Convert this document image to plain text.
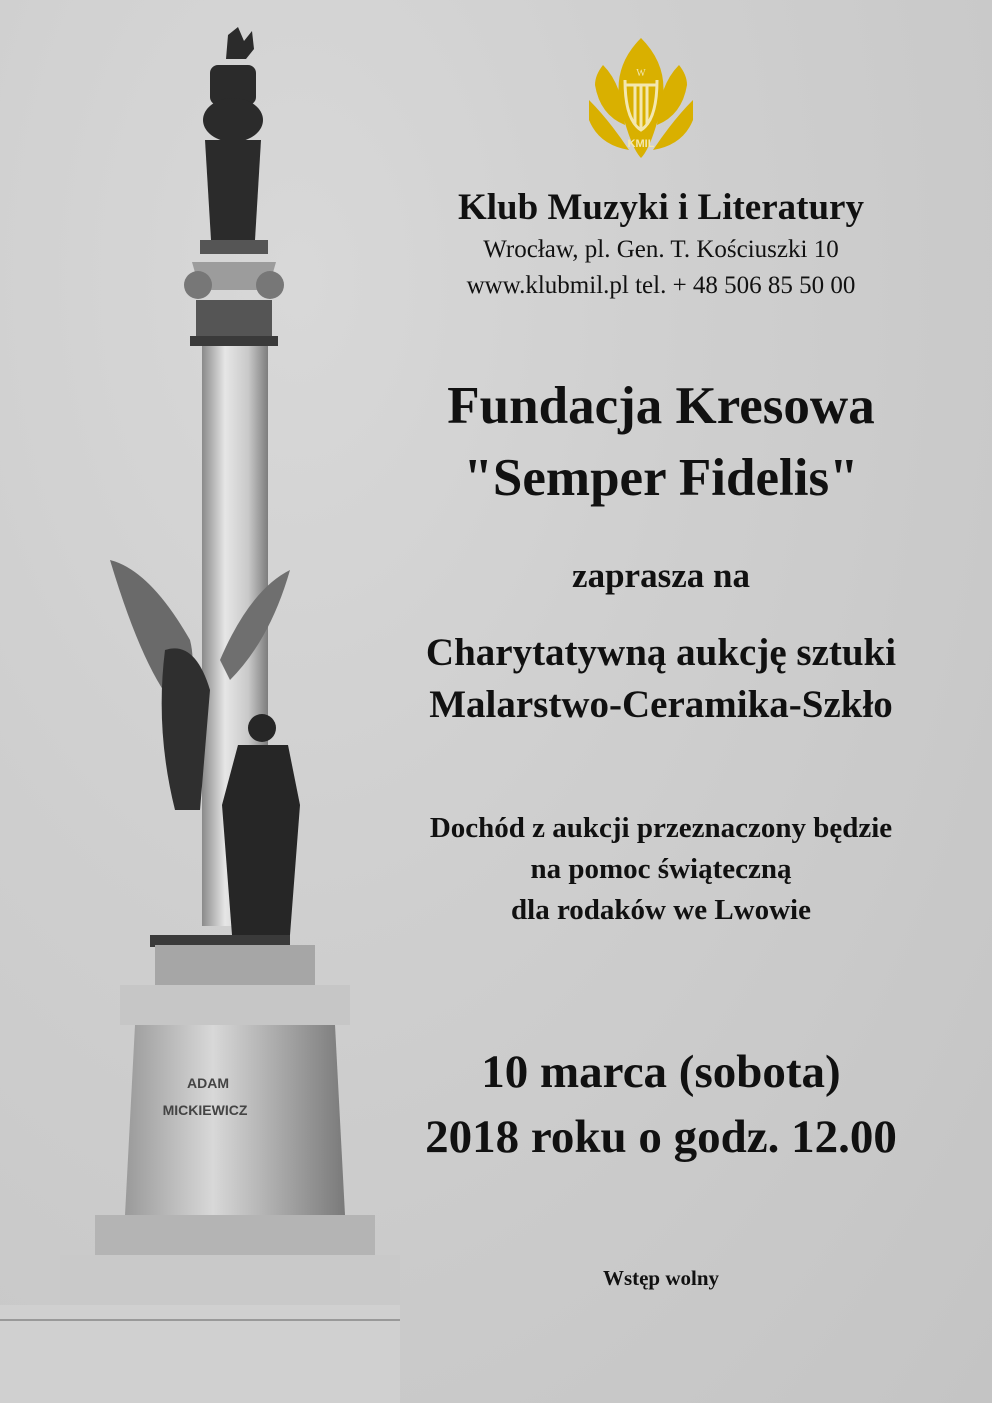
ADAM
MICKIEWICZ
W
KMIL
Klub Muzyki i Literatury
Wrocław, pl. Gen. T. Kościuszki 10
www.klubmil.pl tel. + 48 506 85 50 00
Fundacja Kresowa
"Semper Fidelis"
zaprasza na
Charytatywną aukcję sztuki
Malarstwo-Ceramika-Szkło
Dochód z aukcji przeznaczony będzie
na pomoc świąteczną
dla rodaków we Lwowie
10 marca (sobota)
2018 roku o godz. 12.00
Wstęp wolny
